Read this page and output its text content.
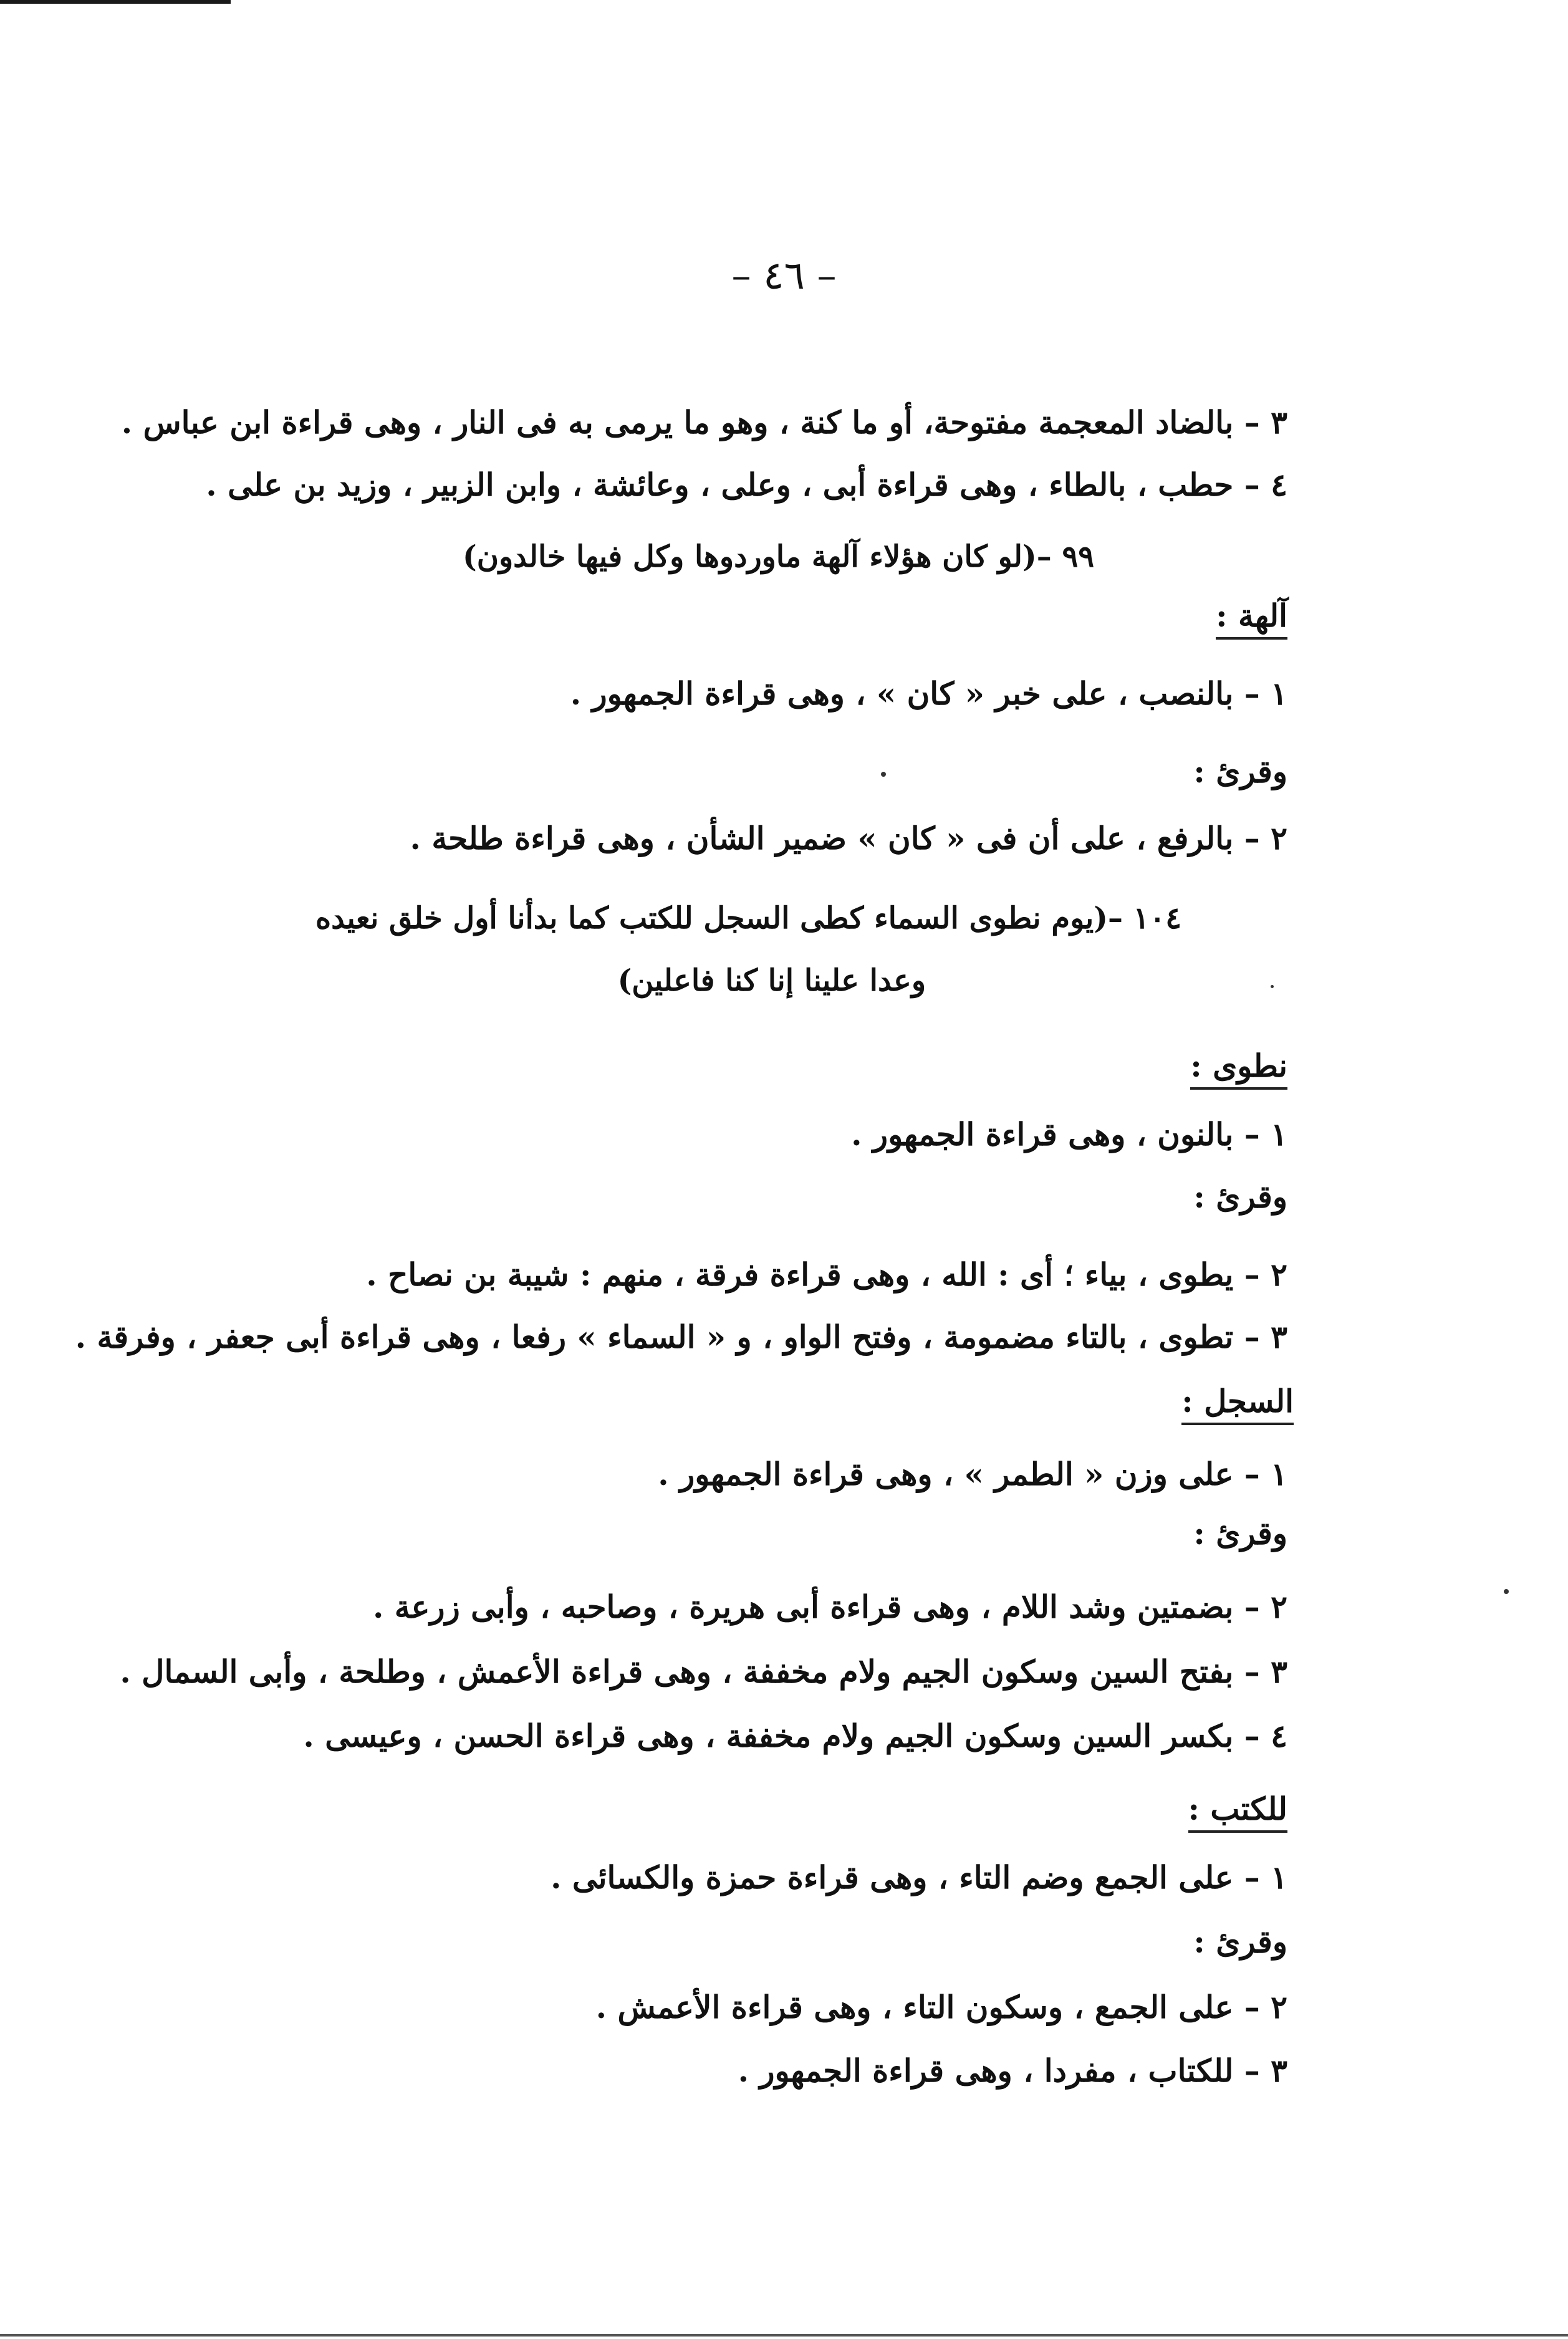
– ٤٦ –
٣ – بالضاد المعجمة مفتوحة، أو ما كنة ، وهو ما يرمى به فى النار ، وهى قراءة ابن عباس .
٤ – حطب ، بالطاء ، وهى قراءة أبى ، وعلى ، وعائشة ، وابن الزبير ، وزيد بن على .
٩٩ –(لو كان هؤلاء آلهة ماوردوها وكل فيها خالدون)
آلهة :
١ – بالنصب ، على خبر « كان » ، وهى قراءة الجمهور .
وقرئ :
٢ – بالرفع ، على أن فى « كان » ضمير الشأن ، وهى قراءة طلحة .
١٠٤ –(يوم نطوى السماء كطى السجل للكتب كما بدأنا أول خلق نعيده
وعدا علينا إنا كنا فاعلين)
نطوى :
١ – بالنون ، وهى قراءة الجمهور .
وقرئ :
٢ – يطوى ، بياء ؛ أى : الله ، وهى قراءة فرقة ، منهم : شيبة بن نصاح .
٣ – تطوى ، بالتاء مضمومة ، وفتح الواو ، و « السماء » رفعا ، وهى قراءة أبى جعفر ، وفرقة .
السجل :
١ – على وزن « الطمر » ، وهى قراءة الجمهور .
وقرئ :
٢ – بضمتين وشد اللام ، وهى قراءة أبى هريرة ، وصاحبه ، وأبى زرعة .
٣ – بفتح السين وسكون الجيم ولام مخففة ، وهى قراءة الأعمش ، وطلحة ، وأبى السمال .
٤ – بكسر السين وسكون الجيم ولام مخففة ، وهى قراءة الحسن ، وعيسى .
للكتب :
١ – على الجمع وضم التاء ، وهى قراءة حمزة والكسائى .
وقرئ :
٢ – على الجمع ، وسكون التاء ، وهى قراءة الأعمش .
٣ – للكتاب ، مفردا ، وهى قراءة الجمهور .
